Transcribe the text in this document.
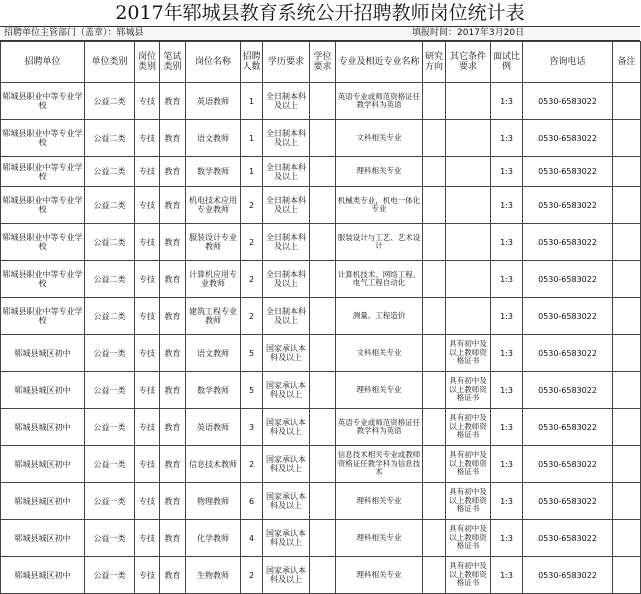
2017年郓城县教育系统公开招聘教师岗位统计表
招聘单位主管部门（盖章）：郓城县	填报时间：2017年3月20日
招聘单位	单位类别	岗位类别	笔试类别	岗位名称	招聘人数	学历要求	学位要求	专业及相近专业名称	研究方向	其它条件要求	面试比例	咨询电话	备注
郓城县职业中等专业学校	公益二类	专技	教育	英语教师	1	全日制本科及以上		英语专业或师范资格证任教学科为英语			1:3	0530-6583022	
郓城县职业中等专业学校	公益二类	专技	教育	语文教师	1	全日制本科及以上		文科相关专业			1:3	0530-6583022	
郓城县职业中等专业学校	公益二类	专技	教育	数学教师	1	全日制本科及以上		理科相关专业			1:3	0530-6583022	
郓城县职业中等专业学校	公益二类	专技	教育	机电技术应用专业教师	2	全日制本科及以上		机械类专业，机电一体化专业			1:3	0530-6583022	
郓城县职业中等专业学校	公益二类	专技	教育	服装设计专业教师	2	全日制本科及以上		服装设计与工艺、艺术设计			1:3	0530-6583022	
郓城县职业中等专业学校	公益二类	专技	教育	计算机应用专业教师	2	全日制本科及以上		计算机技术、网络工程、电气工程自动化			1:3	0530-6583022	
郓城县职业中等专业学校	公益二类	专技	教育	建筑工程专业教师	2	全日制本科及以上		测量、工程造价			1:3	0530-6583022	
郓城县城区初中	公益一类	专技	教育	语文教师	5	国家承认本科及以上		文科相关专业		具有初中及以上教师资格证书	1:3	0530-6583022	
郓城县城区初中	公益一类	专技	教育	数学教师	5	国家承认本科及以上		理科相关专业		具有初中及以上教师资格证书	1:3	0530-6583022	
郓城县城区初中	公益一类	专技	教育	英语教师	3	国家承认本科及以上		英语专业或师范资格证任教学科为英语		具有初中及以上教师资格证书	1:3	0530-6583022	
郓城县城区初中	公益一类	专技	教育	信息技术教师	2	国家承认本科及以上		信息技术相关专业或教师资格证任教学科为信息技术		具有初中及以上教师资格证书	1:3	0530-6583022	
郓城县城区初中	公益一类	专技	教育	物理教师	6	国家承认本科及以上		理科相关专业		具有初中及以上教师资格证书	1:3	0530-6583022	
郓城县城区初中	公益一类	专技	教育	化学教师	4	国家承认本科及以上		理科相关专业		具有初中及以上教师资格证书	1:3	0530-6583022	
郓城县城区初中	公益一类	专技	教育	生物教师	2	国家承认本科及以上		理科相关专业		具有初中及以上教师资格证书	1:3	0530-6583022	
